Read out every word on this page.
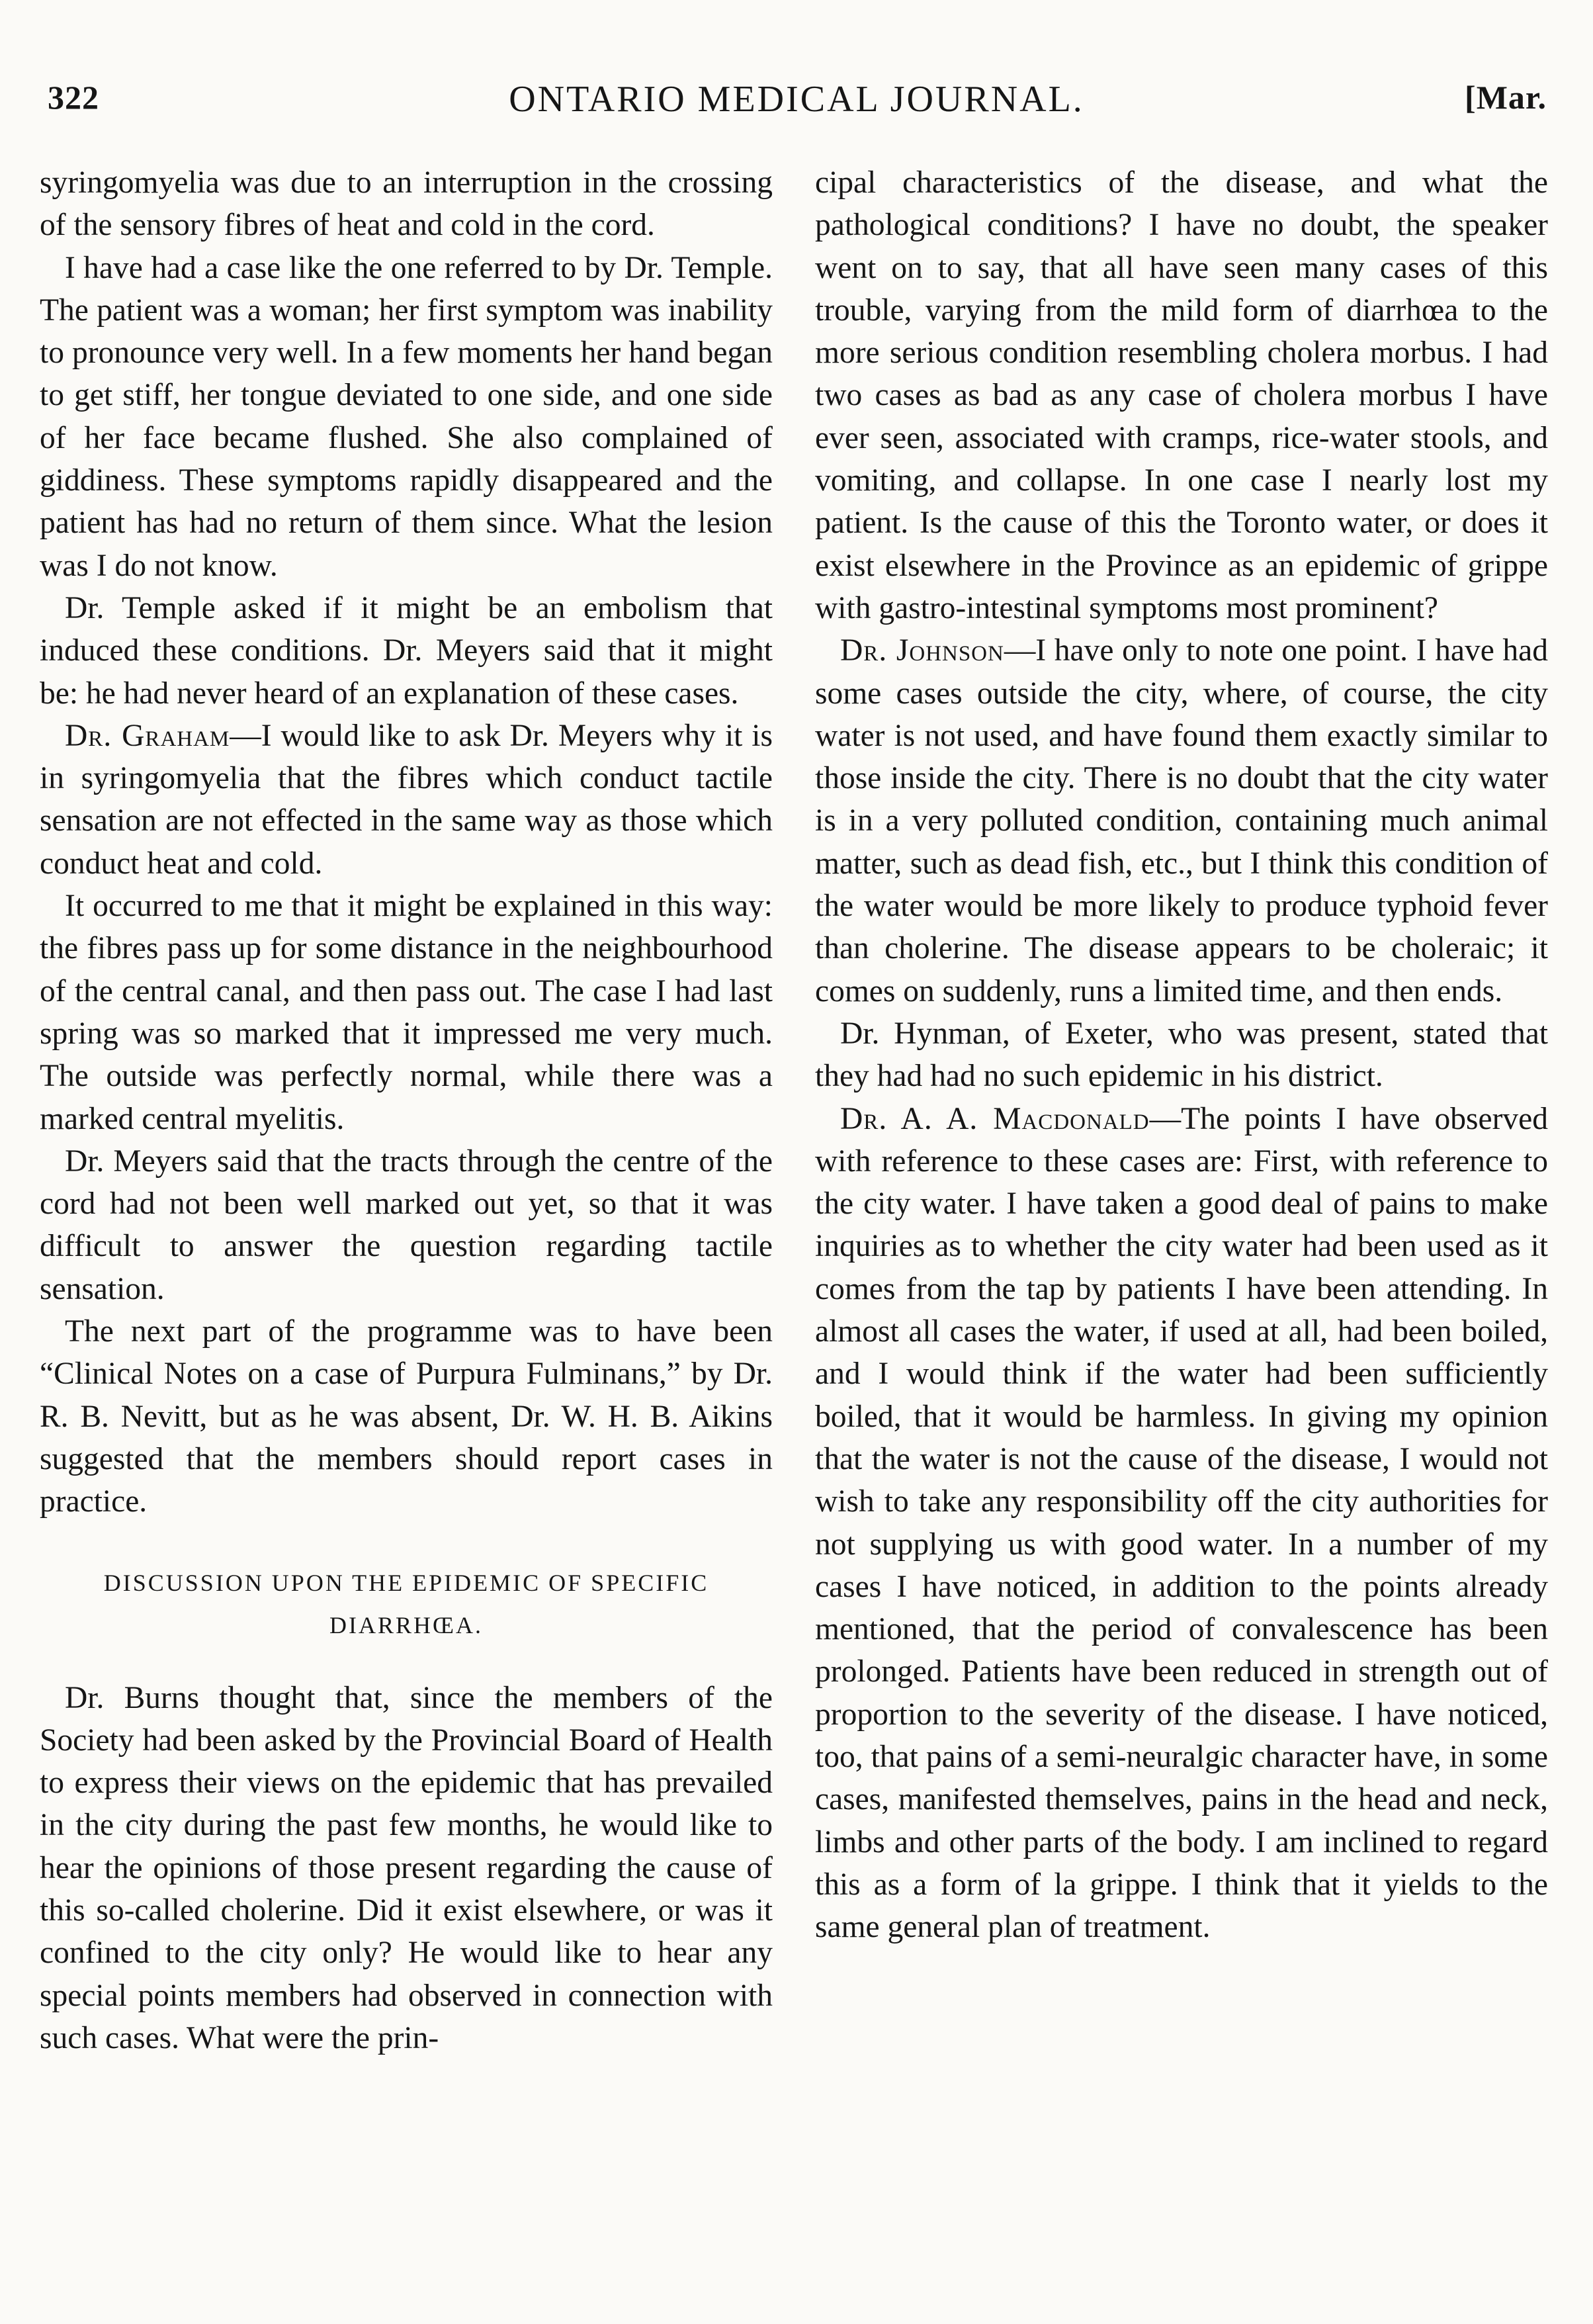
322	ONTARIO MEDICAL JOURNAL.	[Mar.

syringomyelia was due to an interruption in the crossing of the sensory fibres of heat and cold in the cord.

I have had a case like the one referred to by Dr. Temple. The patient was a woman; her first symptom was inability to pronounce very well. In a few moments her hand began to get stiff, her tongue deviated to one side, and one side of her face became flushed. She also complained of giddiness. These symptoms rapidly disappeared and the patient has had no return of them since. What the lesion was I do not know.

Dr. Temple asked if it might be an embolism that induced these conditions. Dr. Meyers said that it might be: he had never heard of an explanation of these cases.

Dr. Graham—I would like to ask Dr. Meyers why it is in syringomyelia that the fibres which conduct tactile sensation are not effected in the same way as those which conduct heat and cold.

It occurred to me that it might be explained in this way: the fibres pass up for some distance in the neighbourhood of the central canal, and then pass out. The case I had last spring was so marked that it impressed me very much. The outside was perfectly normal, while there was a marked central myelitis.

Dr. Meyers said that the tracts through the centre of the cord had not been well marked out yet, so that it was difficult to answer the question regarding tactile sensation.

The next part of the programme was to have been “Clinical Notes on a case of Purpura Fulminans,” by Dr. R. B. Nevitt, but as he was absent, Dr. W. H. B. Aikins suggested that the members should report cases in practice.

DISCUSSION UPON THE EPIDEMIC OF SPECIFIC DIARRHŒA.

Dr. Burns thought that, since the members of the Society had been asked by the Provincial Board of Health to express their views on the epidemic that has prevailed in the city during the past few months, he would like to hear the opinions of those present regarding the cause of this so-called cholerine. Did it exist elsewhere, or was it confined to the city only? He would like to hear any special points members had observed in connection with such cases. What were the prin-

cipal characteristics of the disease, and what the pathological conditions? I have no doubt, the speaker went on to say, that all have seen many cases of this trouble, varying from the mild form of diarrhœa to the more serious condition resembling cholera morbus. I had two cases as bad as any case of cholera morbus I have ever seen, associated with cramps, rice-water stools, and vomiting, and collapse. In one case I nearly lost my patient. Is the cause of this the Toronto water, or does it exist elsewhere in the Province as an epidemic of grippe with gastro-intestinal symptoms most prominent?

Dr. Johnson—I have only to note one point. I have had some cases outside the city, where, of course, the city water is not used, and have found them exactly similar to those inside the city. There is no doubt that the city water is in a very polluted condition, containing much animal matter, such as dead fish, etc., but I think this condition of the water would be more likely to produce typhoid fever than cholerine. The disease appears to be choleraic; it comes on suddenly, runs a limited time, and then ends.

Dr. Hynman, of Exeter, who was present, stated that they had had no such epidemic in his district.

Dr. A. A. Macdonald—The points I have observed with reference to these cases are: First, with reference to the city water. I have taken a good deal of pains to make inquiries as to whether the city water had been used as it comes from the tap by patients I have been attending. In almost all cases the water, if used at all, had been boiled, and I would think if the water had been sufficiently boiled, that it would be harmless. In giving my opinion that the water is not the cause of the disease, I would not wish to take any responsibility off the city authorities for not supplying us with good water. In a number of my cases I have noticed, in addition to the points already mentioned, that the period of convalescence has been prolonged. Patients have been reduced in strength out of proportion to the severity of the disease. I have noticed, too, that pains of a semi-neuralgic character have, in some cases, manifested themselves, pains in the head and neck, limbs and other parts of the body. I am inclined to regard this as a form of la grippe. I think that it yields to the same general plan of treatment.
